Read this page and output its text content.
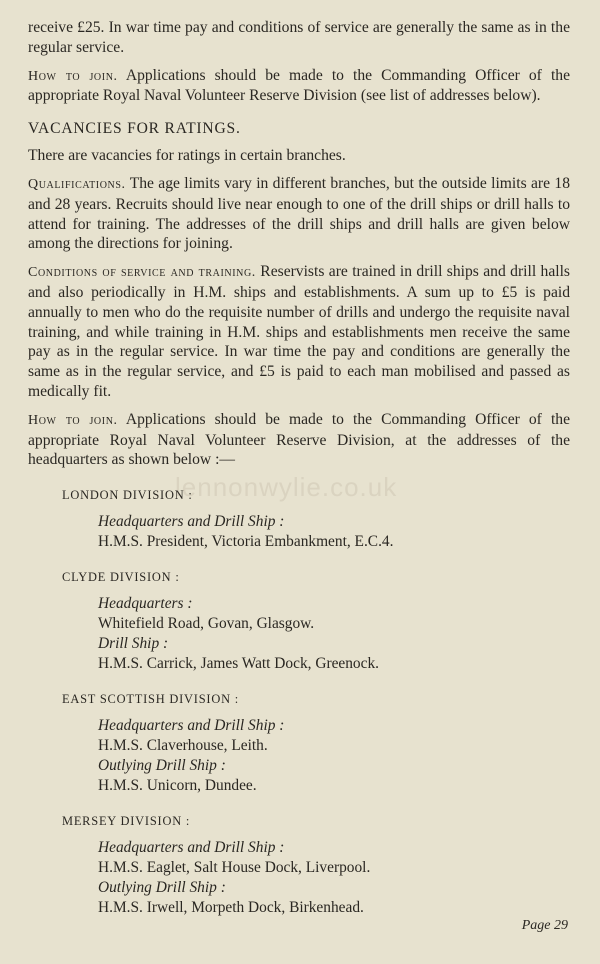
receive £25. In war time pay and conditions of service are generally the same as in the regular service.

How to join. Applications should be made to the Commanding Officer of the appropriate Royal Naval Volunteer Reserve Division (see list of addresses below).

VACANCIES FOR RATINGS.

There are vacancies for ratings in certain branches.

Qualifications. The age limits vary in different branches, but the outside limits are 18 and 28 years. Recruits should live near enough to one of the drill ships or drill halls to attend for training. The addresses of the drill ships and drill halls are given below among the directions for joining.

Conditions of service and training. Reservists are trained in drill ships and drill halls and also periodically in H.M. ships and establishments. A sum up to £5 is paid annually to men who do the requisite number of drills and undergo the requisite naval training, and while training in H.M. ships and establishments men receive the same pay as in the regular service. In war time the pay and conditions are generally the same as in the regular service, and £5 is paid to each man mobilised and passed as medically fit.

How to join. Applications should be made to the Commanding Officer of the appropriate Royal Naval Volunteer Reserve Division, at the addresses of the headquarters as shown below :—

LONDON DIVISION :
Headquarters and Drill Ship :
H.M.S. President, Victoria Embankment, E.C.4.
CLYDE DIVISION :
Headquarters :
Whitefield Road, Govan, Glasgow.
Drill Ship :
H.M.S. Carrick, James Watt Dock, Greenock.
EAST SCOTTISH DIVISION :
Headquarters and Drill Ship :
H.M.S. Claverhouse, Leith.
Outlying Drill Ship :
H.M.S. Unicorn, Dundee.
MERSEY DIVISION :
Headquarters and Drill Ship :
H.M.S. Eaglet, Salt House Dock, Liverpool.
Outlying Drill Ship :
H.M.S. Irwell, Morpeth Dock, Birkenhead.
lennonwylie.co.uk
Page 29
